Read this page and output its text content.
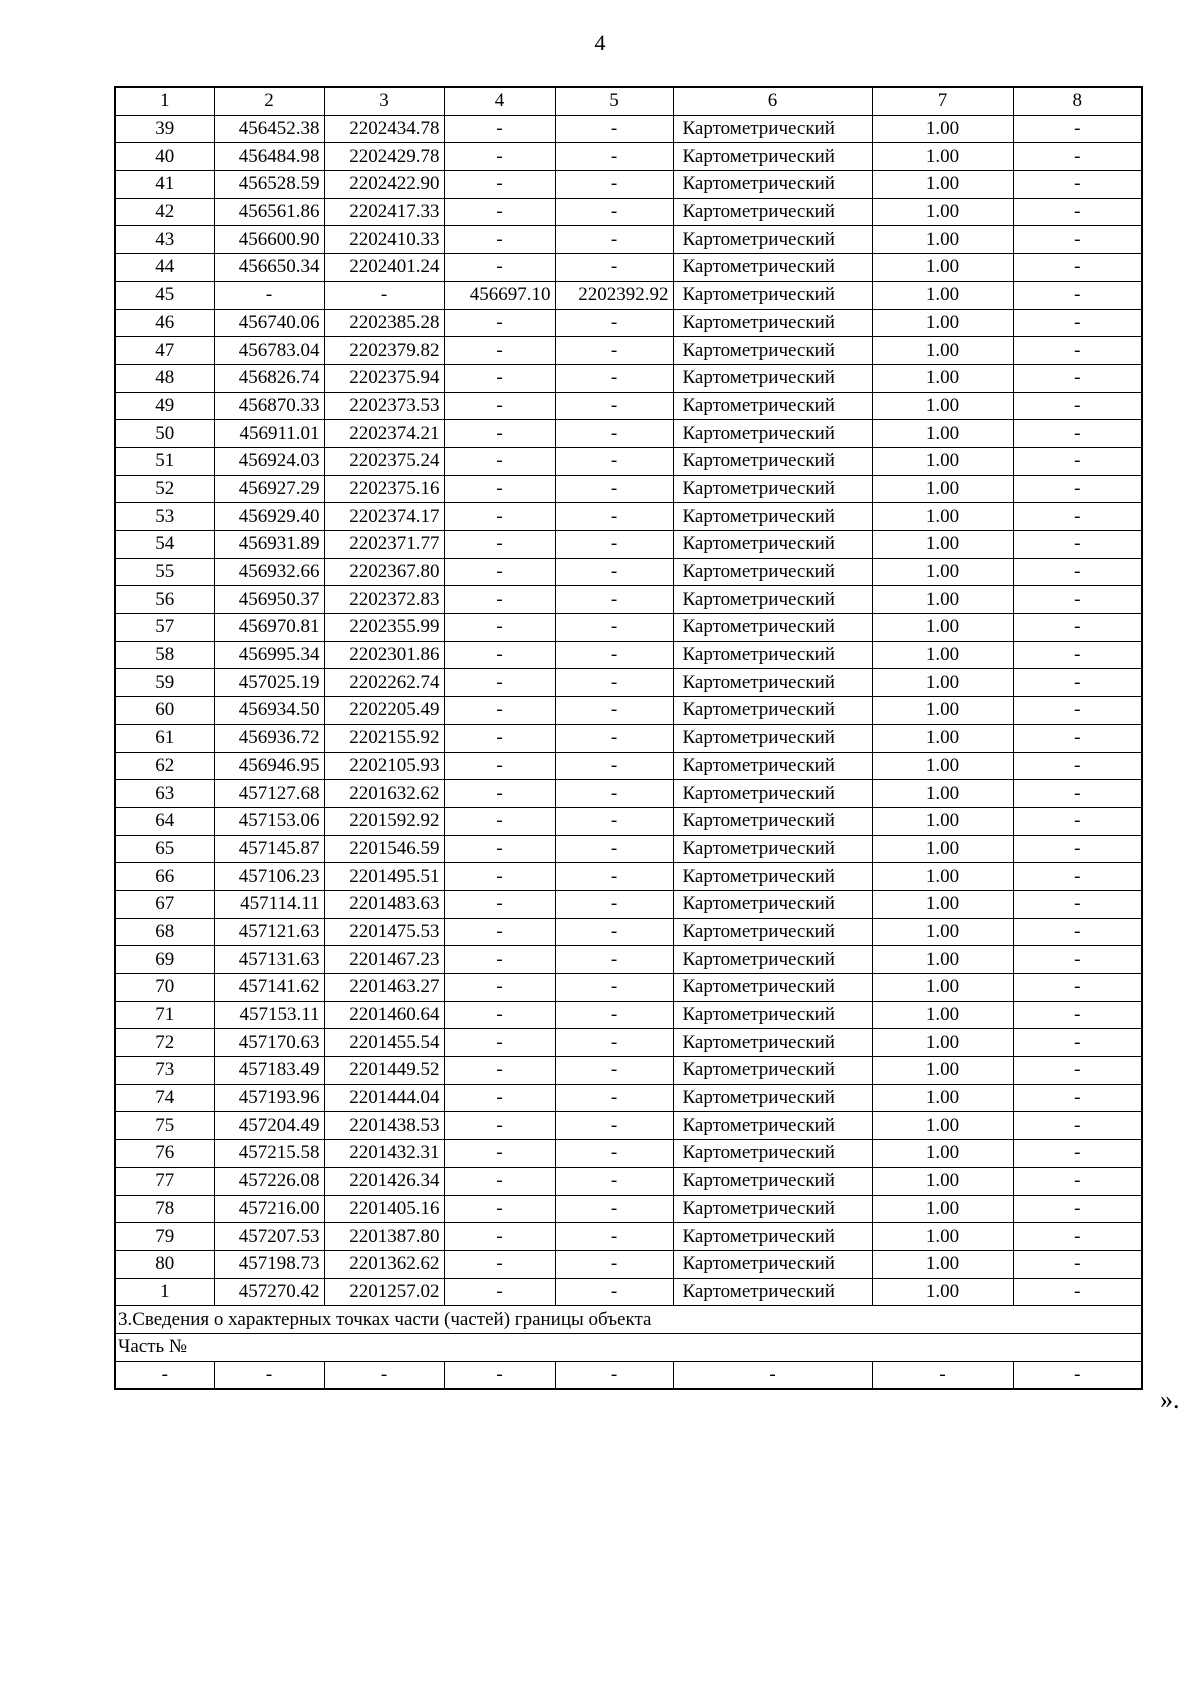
4
1	2	3	4	5	6	7	8
39	456452.38	2202434.78	-	-	Картометрический	1.00	-
40	456484.98	2202429.78	-	-	Картометрический	1.00	-
41	456528.59	2202422.90	-	-	Картометрический	1.00	-
42	456561.86	2202417.33	-	-	Картометрический	1.00	-
43	456600.90	2202410.33	-	-	Картометрический	1.00	-
44	456650.34	2202401.24	-	-	Картометрический	1.00	-
45	-	-	456697.10	2202392.92	Картометрический	1.00	-
46	456740.06	2202385.28	-	-	Картометрический	1.00	-
47	456783.04	2202379.82	-	-	Картометрический	1.00	-
48	456826.74	2202375.94	-	-	Картометрический	1.00	-
49	456870.33	2202373.53	-	-	Картометрический	1.00	-
50	456911.01	2202374.21	-	-	Картометрический	1.00	-
51	456924.03	2202375.24	-	-	Картометрический	1.00	-
52	456927.29	2202375.16	-	-	Картометрический	1.00	-
53	456929.40	2202374.17	-	-	Картометрический	1.00	-
54	456931.89	2202371.77	-	-	Картометрический	1.00	-
55	456932.66	2202367.80	-	-	Картометрический	1.00	-
56	456950.37	2202372.83	-	-	Картометрический	1.00	-
57	456970.81	2202355.99	-	-	Картометрический	1.00	-
58	456995.34	2202301.86	-	-	Картометрический	1.00	-
59	457025.19	2202262.74	-	-	Картометрический	1.00	-
60	456934.50	2202205.49	-	-	Картометрический	1.00	-
61	456936.72	2202155.92	-	-	Картометрический	1.00	-
62	456946.95	2202105.93	-	-	Картометрический	1.00	-
63	457127.68	2201632.62	-	-	Картометрический	1.00	-
64	457153.06	2201592.92	-	-	Картометрический	1.00	-
65	457145.87	2201546.59	-	-	Картометрический	1.00	-
66	457106.23	2201495.51	-	-	Картометрический	1.00	-
67	457114.11	2201483.63	-	-	Картометрический	1.00	-
68	457121.63	2201475.53	-	-	Картометрический	1.00	-
69	457131.63	2201467.23	-	-	Картометрический	1.00	-
70	457141.62	2201463.27	-	-	Картометрический	1.00	-
71	457153.11	2201460.64	-	-	Картометрический	1.00	-
72	457170.63	2201455.54	-	-	Картометрический	1.00	-
73	457183.49	2201449.52	-	-	Картометрический	1.00	-
74	457193.96	2201444.04	-	-	Картометрический	1.00	-
75	457204.49	2201438.53	-	-	Картометрический	1.00	-
76	457215.58	2201432.31	-	-	Картометрический	1.00	-
77	457226.08	2201426.34	-	-	Картометрический	1.00	-
78	457216.00	2201405.16	-	-	Картометрический	1.00	-
79	457207.53	2201387.80	-	-	Картометрический	1.00	-
80	457198.73	2201362.62	-	-	Картометрический	1.00	-
1	457270.42	2201257.02	-	-	Картометрический	1.00	-
3.Сведения о характерных точках части (частей) границы объекта							
Часть №							
-	-	-	-	-	-	-	-
».
